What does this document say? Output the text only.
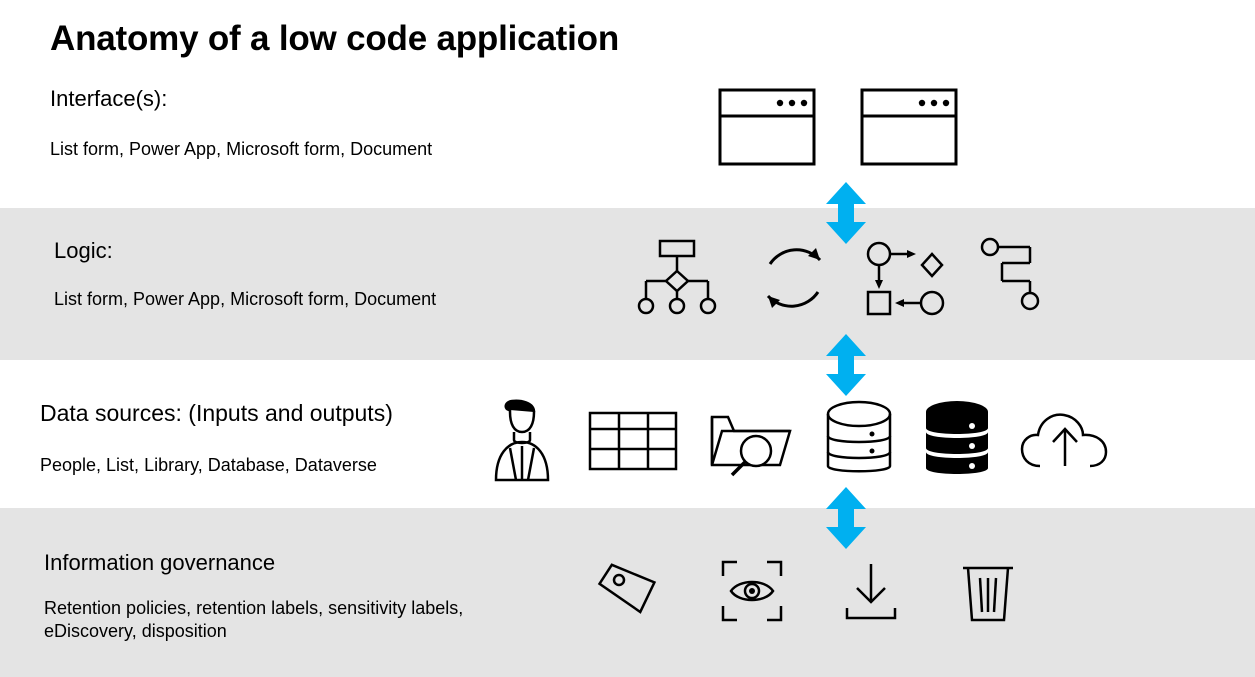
Anatomy of a low code application
Interface(s):
List form, Power App, Microsoft form, Document
Logic:
List form, Power App, Microsoft form, Document
Data sources: (Inputs and outputs)
People, List, Library, Database, Dataverse
Information governance
Retention policies, retention labels, sensitivity labels, eDiscovery, disposition
